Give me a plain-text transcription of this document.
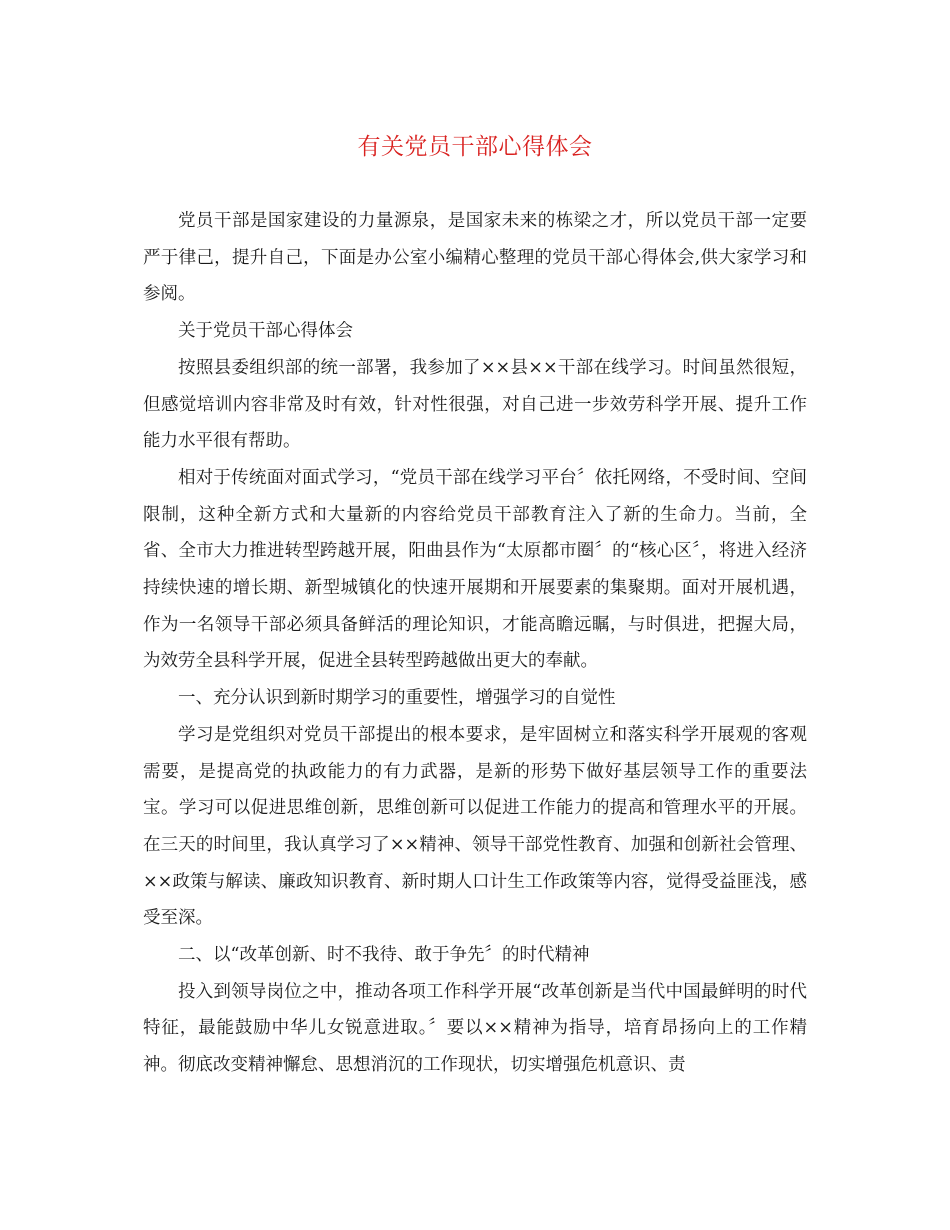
有关党员干部心得体会

党员干部是国家建设的力量源泉，是国家未来的栋梁之才，所以党员干部一定要严于律己，提升自己，下面是办公室小编精心整理的党员干部心得体会,供大家学习和参阅。

关于党员干部心得体会

按照县委组织部的统一部署，我参加了××县××干部在线学习。时间虽然很短，但感觉培训内容非常及时有效，针对性很强，对自己进一步效劳科学开展、提升工作能力水平很有帮助。

相对于传统面对面式学习，“党员干部在线学习平台〞依托网络，不受时间、空间限制，这种全新方式和大量新的内容给党员干部教育注入了新的生命力。当前，全省、全市大力推进转型跨越开展，阳曲县作为“太原都市圈〞的“核心区〞，将进入经济持续快速的增长期、新型城镇化的快速开展期和开展要素的集聚期。面对开展机遇，作为一名领导干部必须具备鲜活的理论知识，才能高瞻远瞩，与时俱进，把握大局，为效劳全县科学开展，促进全县转型跨越做出更大的奉献。

一、充分认识到新时期学习的重要性，增强学习的自觉性

学习是党组织对党员干部提出的根本要求，是牢固树立和落实科学开展观的客观需要，是提高党的执政能力的有力武器，是新的形势下做好基层领导工作的重要法宝。学习可以促进思维创新，思维创新可以促进工作能力的提高和管理水平的开展。在三天的时间里，我认真学习了××精神、领导干部党性教育、加强和创新社会管理、××政策与解读、廉政知识教育、新时期人口计生工作政策等内容，觉得受益匪浅，感受至深。

二、以“改革创新、时不我待、敢于争先〞的时代精神

投入到领导岗位之中，推动各项工作科学开展“改革创新是当代中国最鲜明的时代特征，最能鼓励中华儿女锐意进取。〞要以××精神为指导，培育昂扬向上的工作精神。彻底改变精神懈怠、思想消沉的工作现状，切实增强危机意识、责
